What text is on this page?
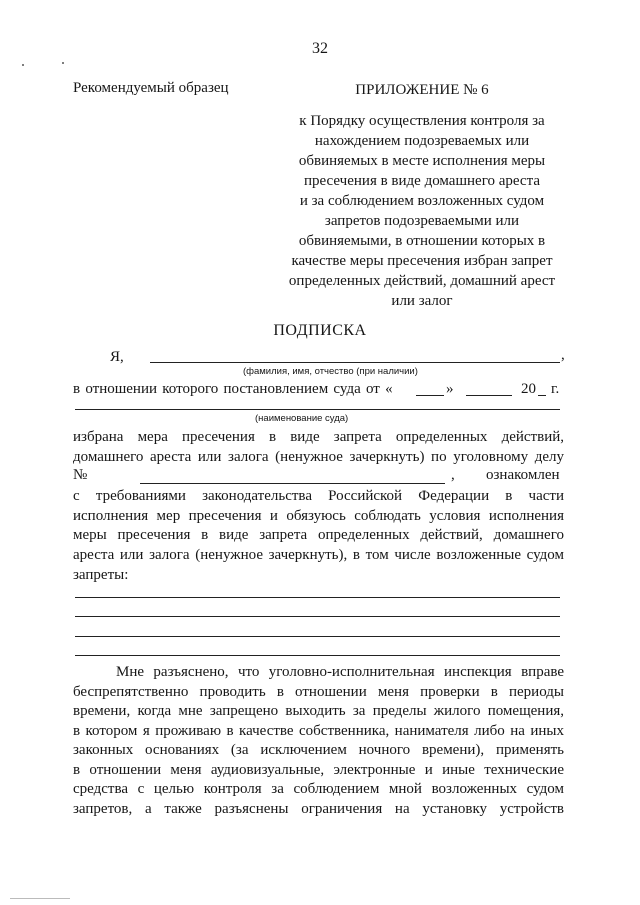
32
Рекомендуемый образец	ПРИЛОЖЕНИЕ № 6
к Порядку осуществления контроля за
нахождением подозреваемых или
обвиняемых в месте исполнения меры
пресечения в виде домашнего ареста
и за соблюдением возложенных судом
запретов подозреваемыми или
обвиняемыми, в отношении которых в
качестве меры пресечения избран запрет
определенных действий, домашний арест
или залог
ПОДПИСКА
Я,	,
(фамилия, имя, отчество (при наличии)
в отношении которого постановлением суда от «	»	20 г.
(наименование суда)
избрана мера пресечения в виде запрета определенных действий,
домашнего ареста или залога (ненужное зачеркнуть) по уголовному делу
№	, ознакомлен
с требованиями законодательства Российской Федерации в части
исполнения мер пресечения и обязуюсь соблюдать условия исполнения
меры пресечения в виде запрета определенных действий, домашнего
ареста или залога (ненужное зачеркнуть), в том числе возложенные судом
запреты:
Мне разъяснено, что уголовно-исполнительная инспекция вправе
беспрепятственно проводить в отношении меня проверки в периоды
времени, когда мне запрещено выходить за пределы жилого помещения,
в котором я проживаю в качестве собственника, нанимателя либо на иных
законных основаниях (за исключением ночного времени), применять
в отношении меня аудиовизуальные, электронные и иные технические
средства с целью контроля за соблюдением мной возложенных судом
запретов, а также разъяснены ограничения на установку устройств
